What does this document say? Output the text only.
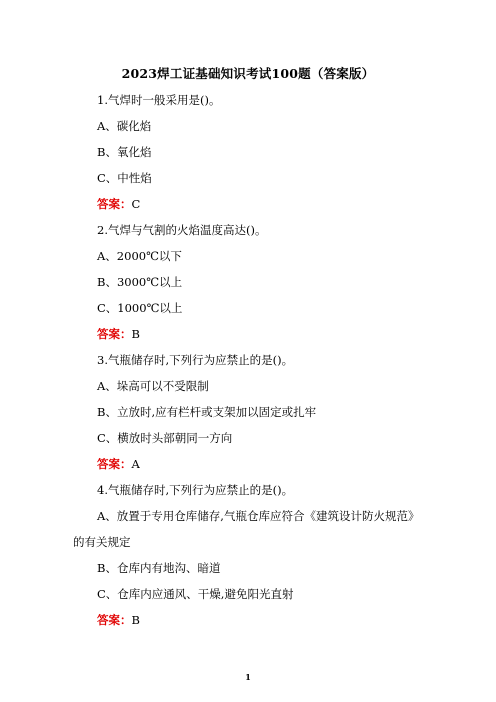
2023焊工证基础知识考试100题（答案版）
1.气焊时一般采用是()。
A、碳化焰
B、氧化焰
C、中性焰
答案：C
2.气焊与气割的火焰温度高达()。
A、2000℃以下
B、3000℃以上
C、1000℃以上
答案：B
3.气瓶储存时,下列行为应禁止的是()。
A、垛高可以不受限制
B、立放时,应有栏杆或支架加以固定或扎牢
C、横放时头部朝同一方向
答案：A
4.气瓶储存时,下列行为应禁止的是()。
A、放置于专用仓库储存,气瓶仓库应符合《建筑设计防火规范》
的有关规定
B、仓库内有地沟、暗道
C、仓库内应通风、干燥,避免阳光直射
答案：B
1
